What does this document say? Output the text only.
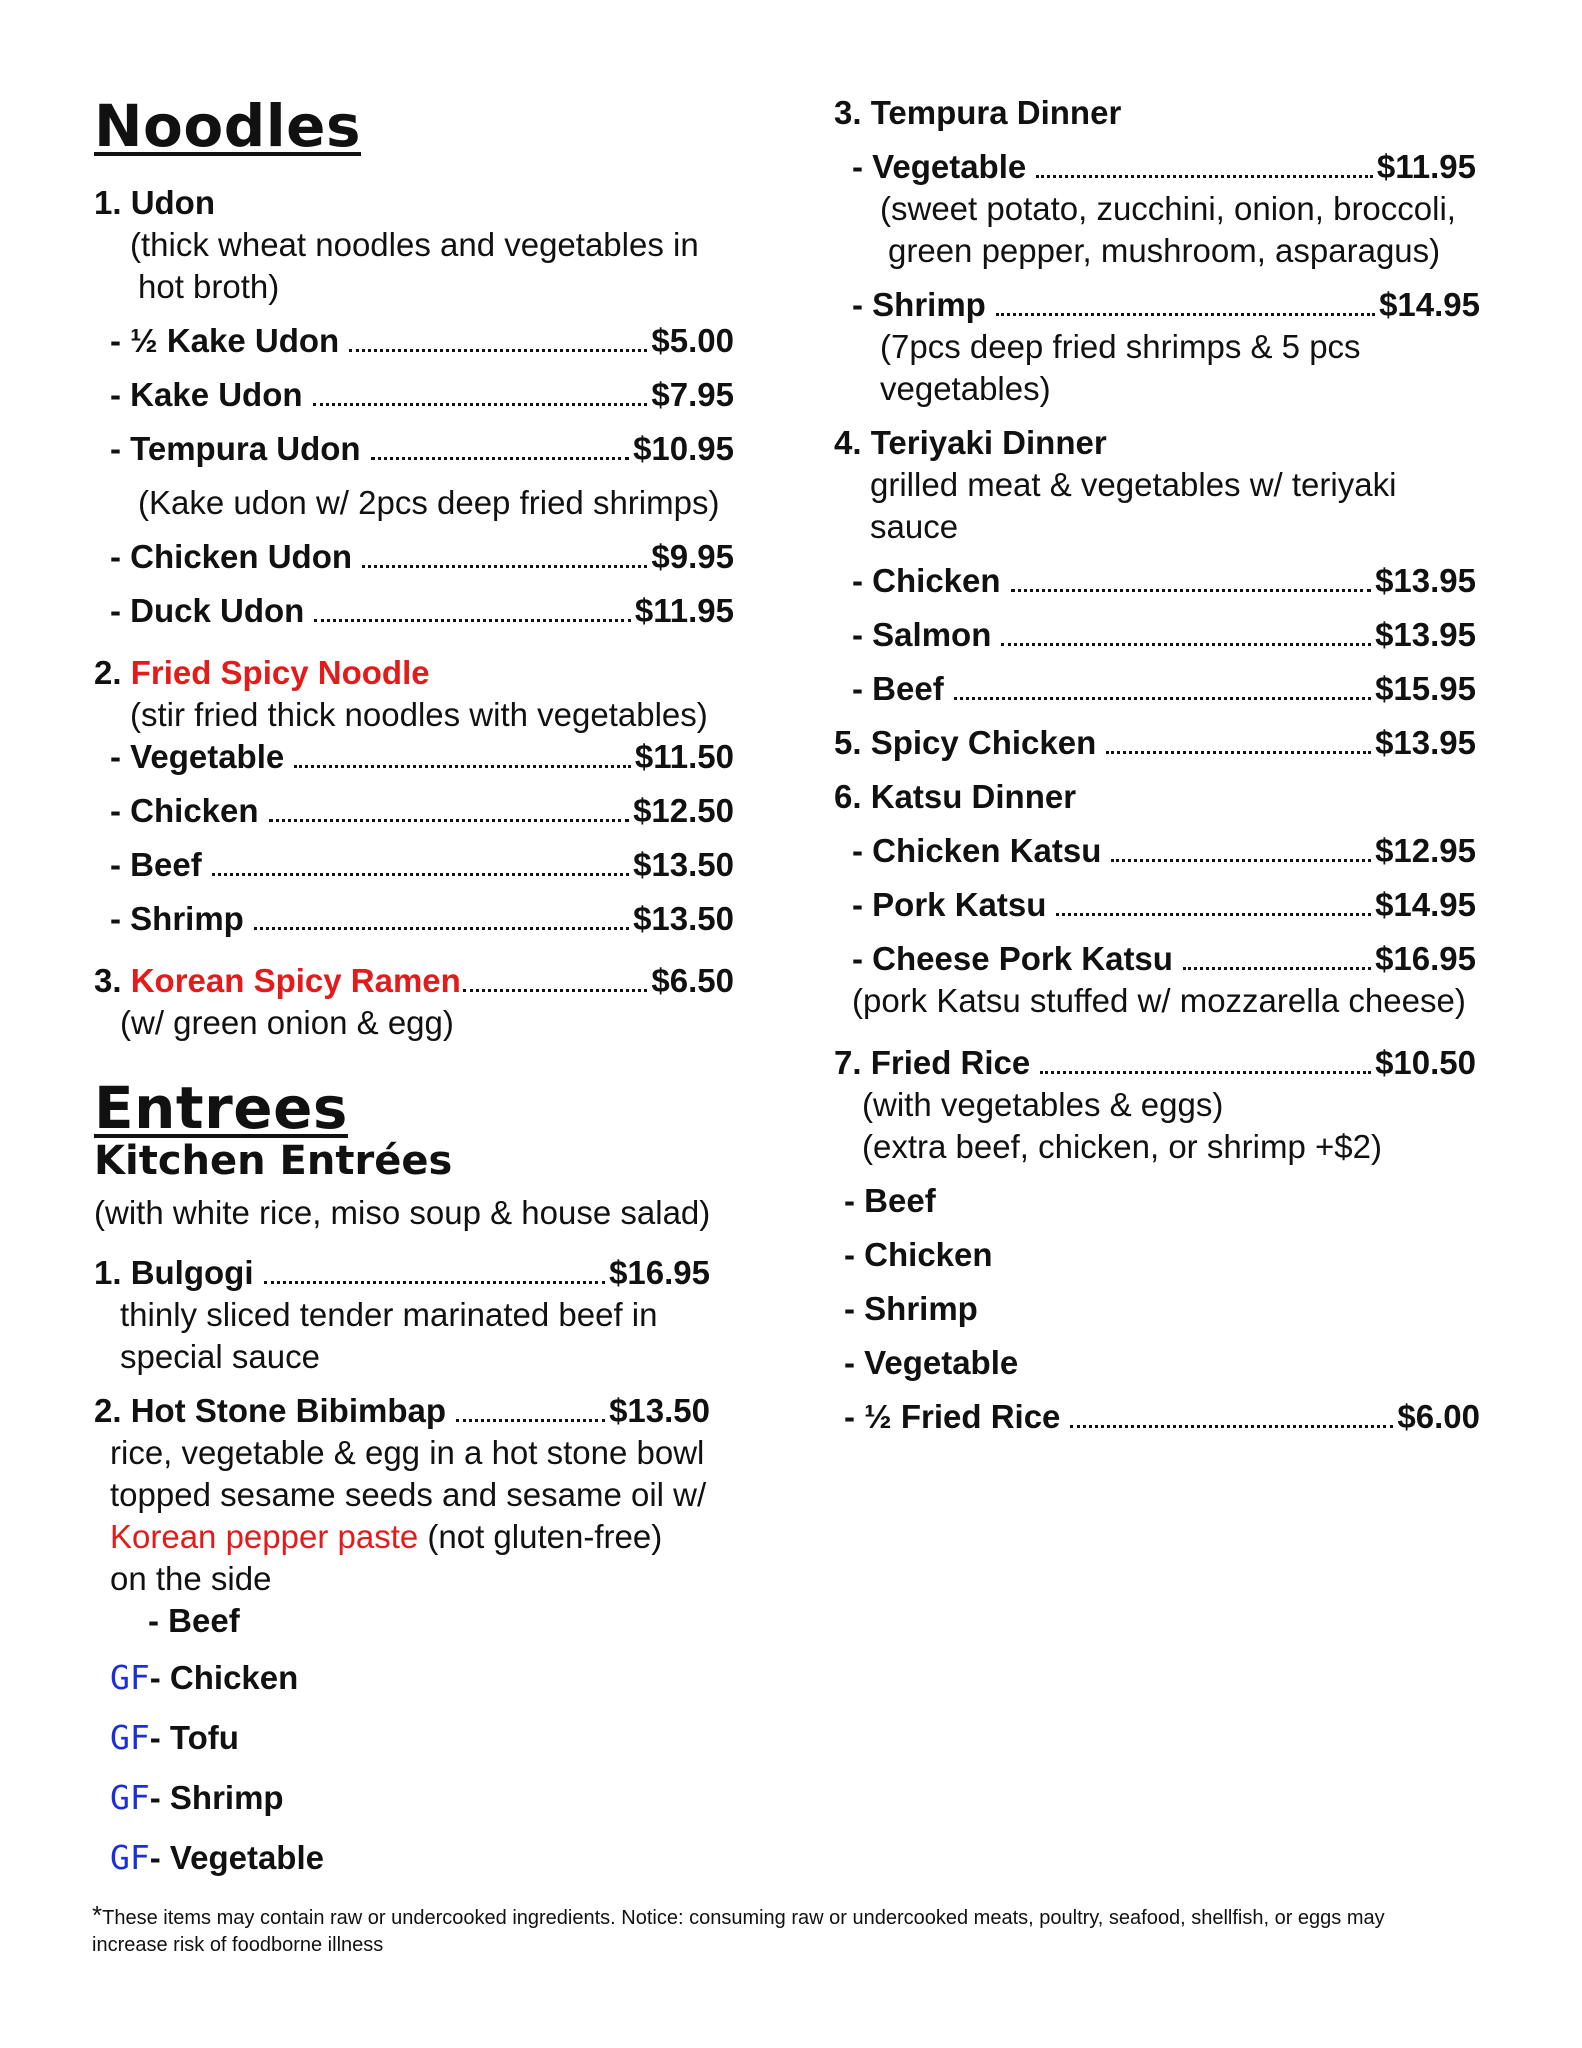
Noodles
1. Udon
(thick wheat noodles and vegetables in
hot broth)
- ½ Kake Udon	$5.00
- Kake Udon	$7.95
- Tempura Udon	$10.95
(Kake udon w/ 2pcs deep fried shrimps)
- Chicken Udon	$9.95
- Duck Udon	$11.95
2. Fried Spicy Noodle
(stir fried thick noodles with vegetables)
- Vegetable	$11.50
- Chicken	$12.50
- Beef	$13.50
- Shrimp	$13.50
3.
Korean Spicy Ramen	$6.50
(w/ green onion & egg)
Entrees
Kitchen Entrées
(with white rice, miso soup & house salad)
1. Bulgogi	$16.95
thinly sliced tender marinated beef in
special sauce
2. Hot Stone Bibimbap	$13.50
rice, vegetable & egg in a hot stone bowl
topped sesame seeds and sesame oil w/
Korean pepper paste (not gluten-free)
on the side
- Beef
GF- Chicken
GF- Tofu
GF- Shrimp
GF- Vegetable
3. Tempura Dinner
- Vegetable	$11.95
(sweet potato, zucchini, onion, broccoli,
green pepper, mushroom, asparagus)
- Shrimp	$14.95
(7pcs deep fried shrimps & 5 pcs
vegetables)
4. Teriyaki Dinner
grilled meat & vegetables w/ teriyaki
sauce
- Chicken	$13.95
- Salmon	$13.95
- Beef	$15.95
5. Spicy Chicken	$13.95
6. Katsu Dinner
- Chicken Katsu	$12.95
- Pork Katsu	$14.95
- Cheese Pork Katsu	$16.95
(pork Katsu stuffed w/ mozzarella cheese)
7. Fried Rice	$10.50
(with vegetables & eggs)
(extra beef, chicken, or shrimp +$2)
- Beef
- Chicken
- Shrimp
- Vegetable
- ½ Fried Rice	$6.00
*These items may contain raw or undercooked ingredients. Notice: consuming raw or undercooked meats, poultry, seafood, shellfish, or eggs may
increase risk of foodborne illness
